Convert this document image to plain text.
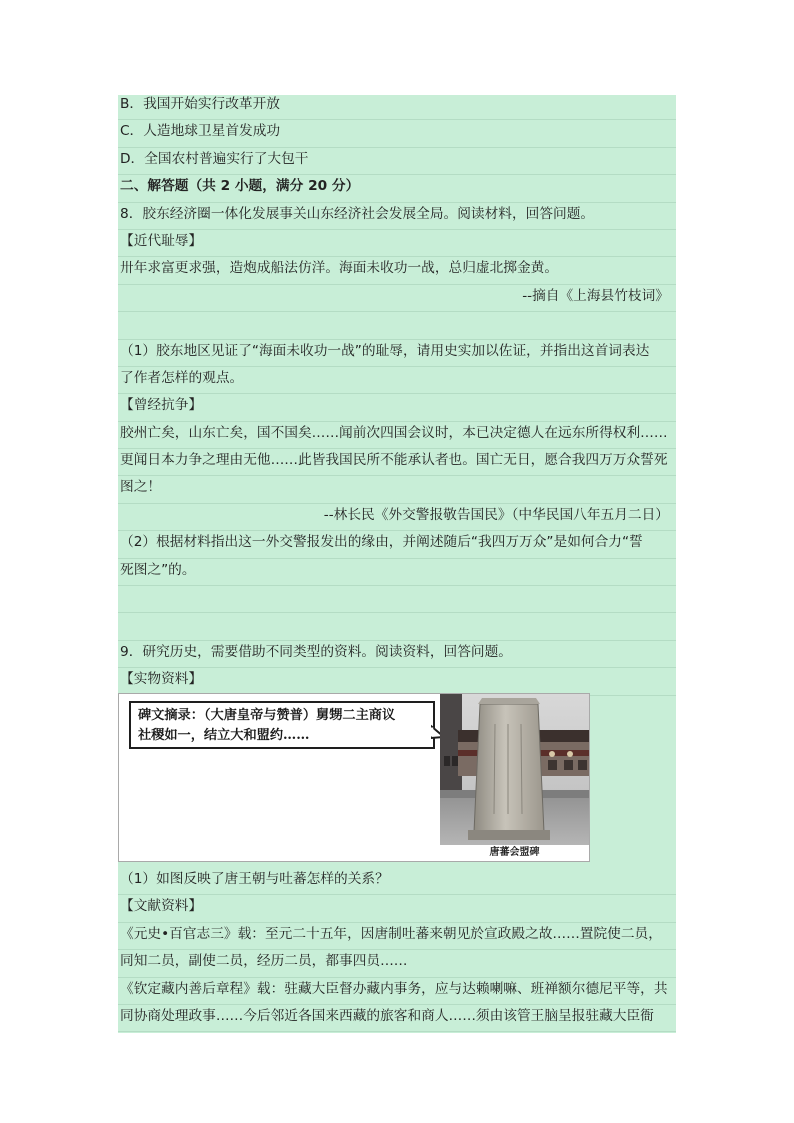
B．我国开始实行改革开放
C．人造地球卫星首发成功
D．全国农村普遍实行了大包干
二、解答题（共 2 小题，满分 20 分）
8．胶东经济圈一体化发展事关山东经济社会发展全局。阅读材料，回答问题。
【近代耻辱】
卅年求富更求强，造炮成船法仿洋。海面未收功一战，总归虚北掷金黄。
--摘自《上海县竹枝词》
（1）胶东地区见证了“海面未收功一战”的耻辱，请用史实加以佐证，并指出这首词表达
了作者怎样的观点。
【曾经抗争】
胶州亡矣，山东亡矣，国不国矣……闻前次四国会议时，本已决定德人在远东所得权利……
更闻日本力争之理由无他……此皆我国民所不能承认者也。国亡无日，愿合我四万万众誓死
图之！
--林长民《外交警报敬告国民》（中华民国八年五月二日）
（2）根据材料指出这一外交警报发出的缘由，并阐述随后“我四万万众”是如何合力“誓
死图之”的。
9．研究历史，需要借助不同类型的资料。阅读资料，回答问题。
【实物资料】
碑文摘录：（大唐皇帝与赞普）舅甥二主商议
社稷如一，结立大和盟约……
唐蕃会盟碑
（1）如图反映了唐王朝与吐蕃怎样的关系？
【文献资料】
《元史•百官志三》载：至元二十五年，因唐制吐蕃来朝见於宣政殿之故……置院使二员，
同知二员，副使二员，经历二员，都事四员……
《钦定藏内善后章程》载：驻藏大臣督办藏内事务，应与达赖喇嘛、班禅额尔德尼平等，共
同协商处理政事……今后邻近各国来西藏的旅客和商人……须由该管王脑呈报驻藏大臣衙
